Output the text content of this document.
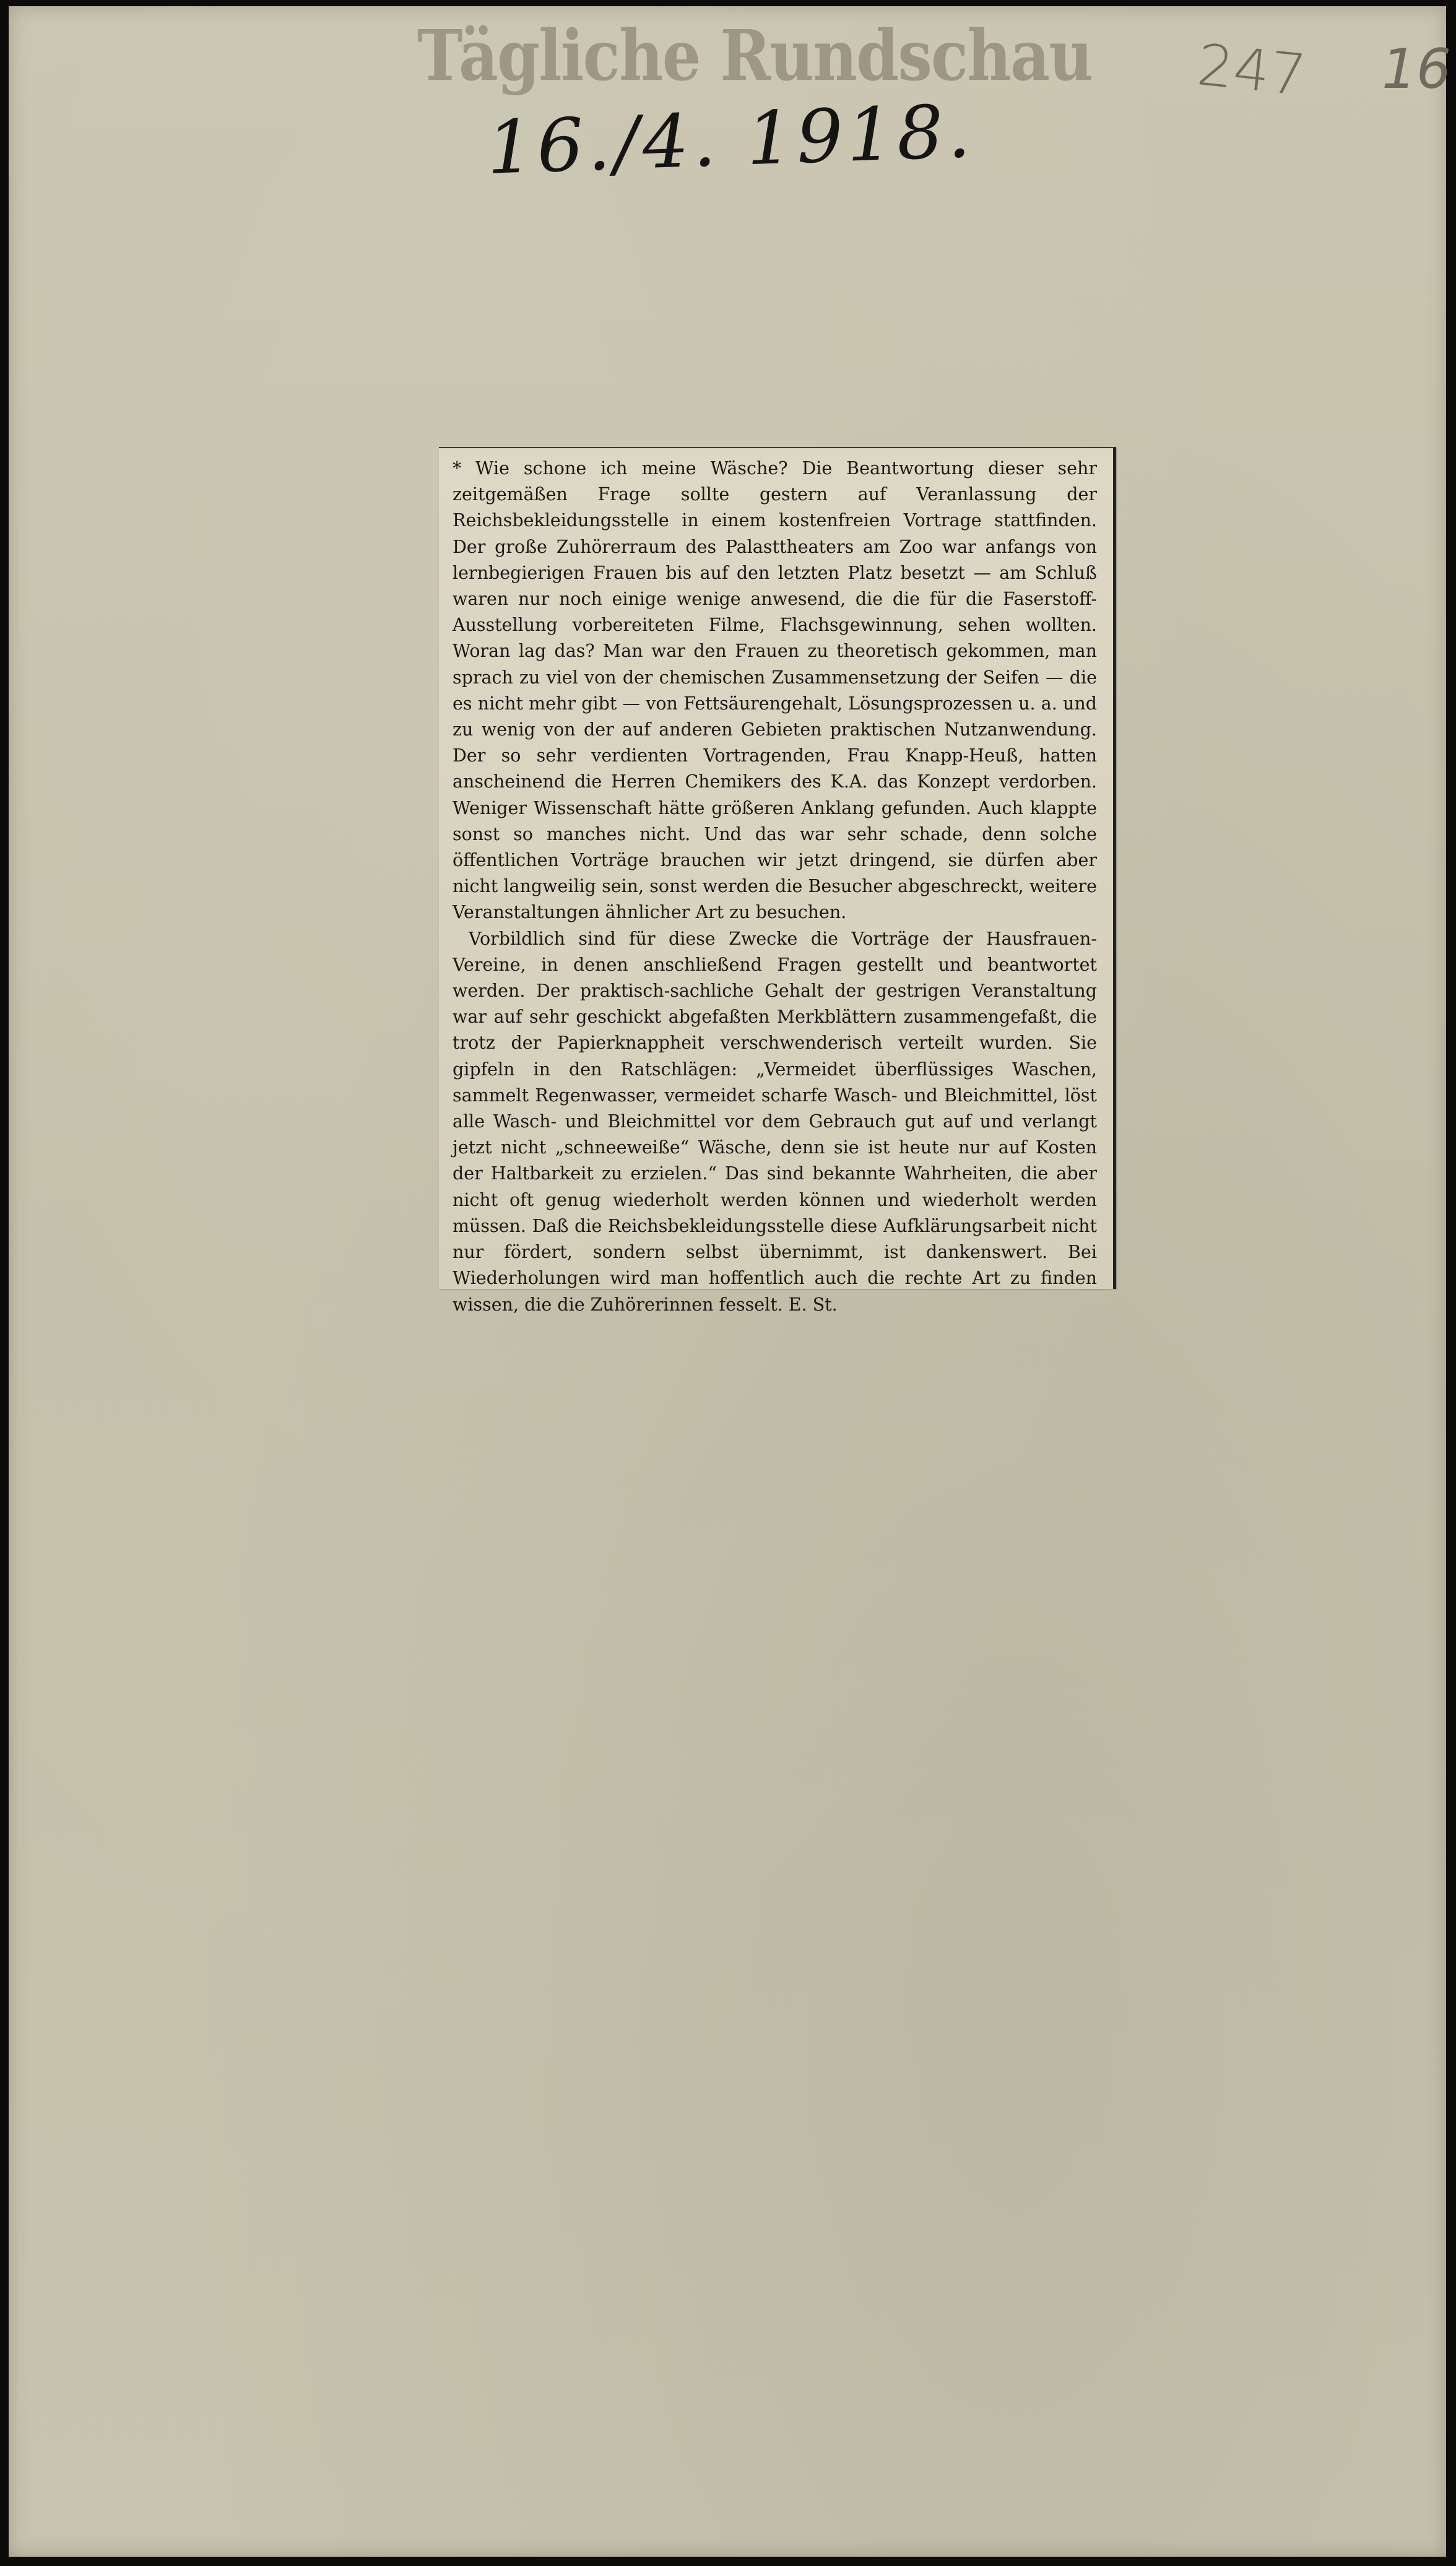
Tägliche Rundschau
16./4. 1918.
247 16

* Wie schone ich meine Wäsche? Die Beantwortung dieser sehr zeitgemäßen Frage sollte gestern auf Veranlassung der Reichsbekleidungsstelle in einem kostenfreien Vortrage stattfinden. Der große Zuhörerraum des Palasttheaters am Zoo war anfangs von lernbegierigen Frauen bis auf den letzten Platz besetzt — am Schluß waren nur noch einige wenige anwesend, die die für die Faserstoff-Ausstellung vorbereiteten Filme, Flachsgewinnung, sehen wollten. Woran lag das? Man war den Frauen zu theoretisch gekommen, man sprach zu viel von der chemischen Zusammensetzung der Seifen — die es nicht mehr gibt — von Fettsäurengehalt, Lösungsprozessen u. a. und zu wenig von der auf anderen Gebieten praktischen Nutzanwendung. Der so sehr verdienten Vortragenden, Frau Knapp-Heuß, hatten anscheinend die Herren Chemikers des K.A. das Konzept verdorben. Weniger Wissenschaft hätte größeren Anklang gefunden. Auch klappte sonst so manches nicht. Und das war sehr schade, denn solche öffentlichen Vorträge brauchen wir jetzt dringend, sie dürfen aber nicht langweilig sein, sonst werden die Besucher abgeschreckt, weitere Veranstaltungen ähnlicher Art zu besuchen.

Vorbildlich sind für diese Zwecke die Vorträge der Hausfrauen-Vereine, in denen anschließend Fragen gestellt und beantwortet werden. Der praktisch-sachliche Gehalt der gestrigen Veranstaltung war auf sehr geschickt abgefaßten Merkblättern zusammengefaßt, die trotz der Papierknappheit verschwenderisch verteilt wurden. Sie gipfeln in den Ratschlägen: „Vermeidet überflüssiges Waschen, sammelt Regenwasser, vermeidet scharfe Wasch- und Bleichmittel, löst alle Wasch- und Bleichmittel vor dem Gebrauch gut auf und verlangt jetzt nicht „schneeweiße“ Wäsche, denn sie ist heute nur auf Kosten der Haltbarkeit zu erzielen.“ Das sind bekannte Wahrheiten, die aber nicht oft genug wiederholt werden können und wiederholt werden müssen. Daß die Reichsbekleidungsstelle diese Aufklärungsarbeit nicht nur fördert, sondern selbst übernimmt, ist dankenswert. Bei Wiederholungen wird man hoffentlich auch die rechte Art zu finden wissen, die die Zuhörerinnen fesselt. E. St.
